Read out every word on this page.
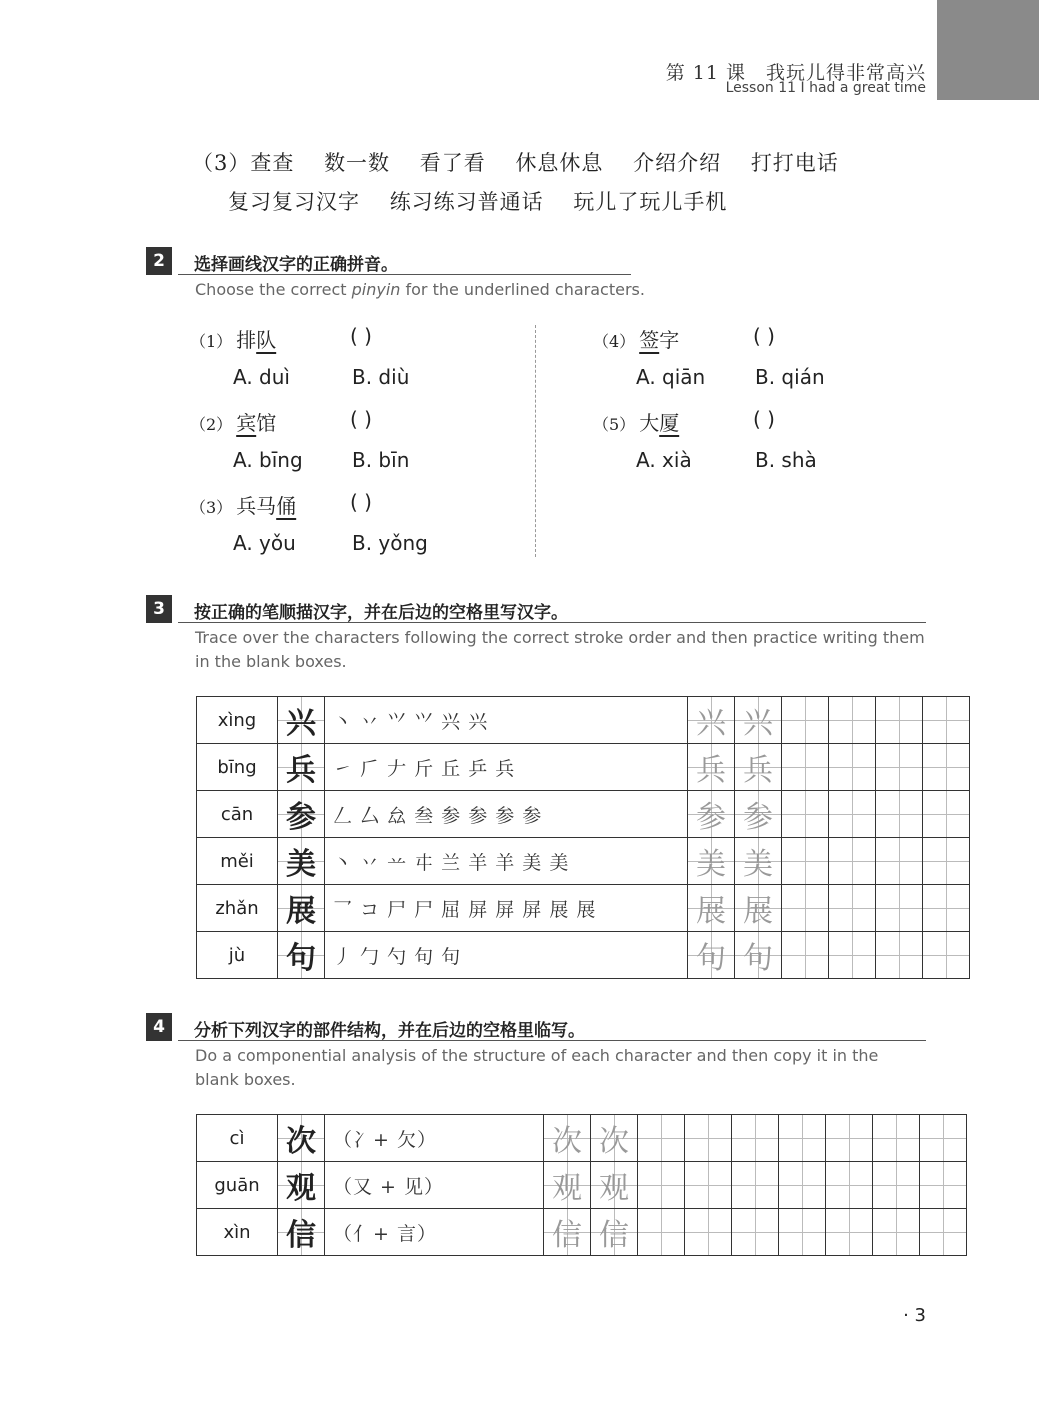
第 11 课　我玩儿得非常高兴
Lesson 11 I had a great time
（3）查查 数一数 看了看 休息休息 介绍介绍 打打电话
复习复习汉字 练习练习普通话 玩儿了玩儿手机
2	选择画线汉字的正确拼音。
Choose the correct pinyin for the underlined characters.
（1） 排队	( )
A. duì	B. diù
（2） 宾馆	( )
A. bīng B. bīn
（3） 兵马俑	( )
A. yǒu	B. yǒng
（4） 签字	( )
A. qiān B. qián
（5） 大厦	( )
A. xià	B. shà
3	按正确的笔顺描汉字，并在后边的空格里写汉字。
Trace over the characters following the correct stroke order and then practice writing them in the blank boxes.
xìng	兴	丶 丷 ⺍ 𭕄 兴 兴	兴	兴				
bīng	兵	㇀ 𠂆 𠂇 斤 丘 乒 兵	兵	兵				
cān	参	𠃋 厶 厽 叁 参 参 参 参	参	参				
měi	美	丶 丷 䒑 㐄 兰 羊 羊 美 美	美	美				
zhǎn	展	乛 コ 尸 尸 屈 屏 屏 屏 展 展	展	展				
jù	句	丿 勹 勺 句 句	句	句				
4	分析下列汉字的部件结构，并在后边的空格里临写。
Do a componential analysis of the structure of each character and then copy it in the blank boxes.
cì	次	（冫+ 欠）	次	次							
guān	观	（又 + 见）	观	观							
xìn	信	（亻+ 言）	信	信							
· 3
